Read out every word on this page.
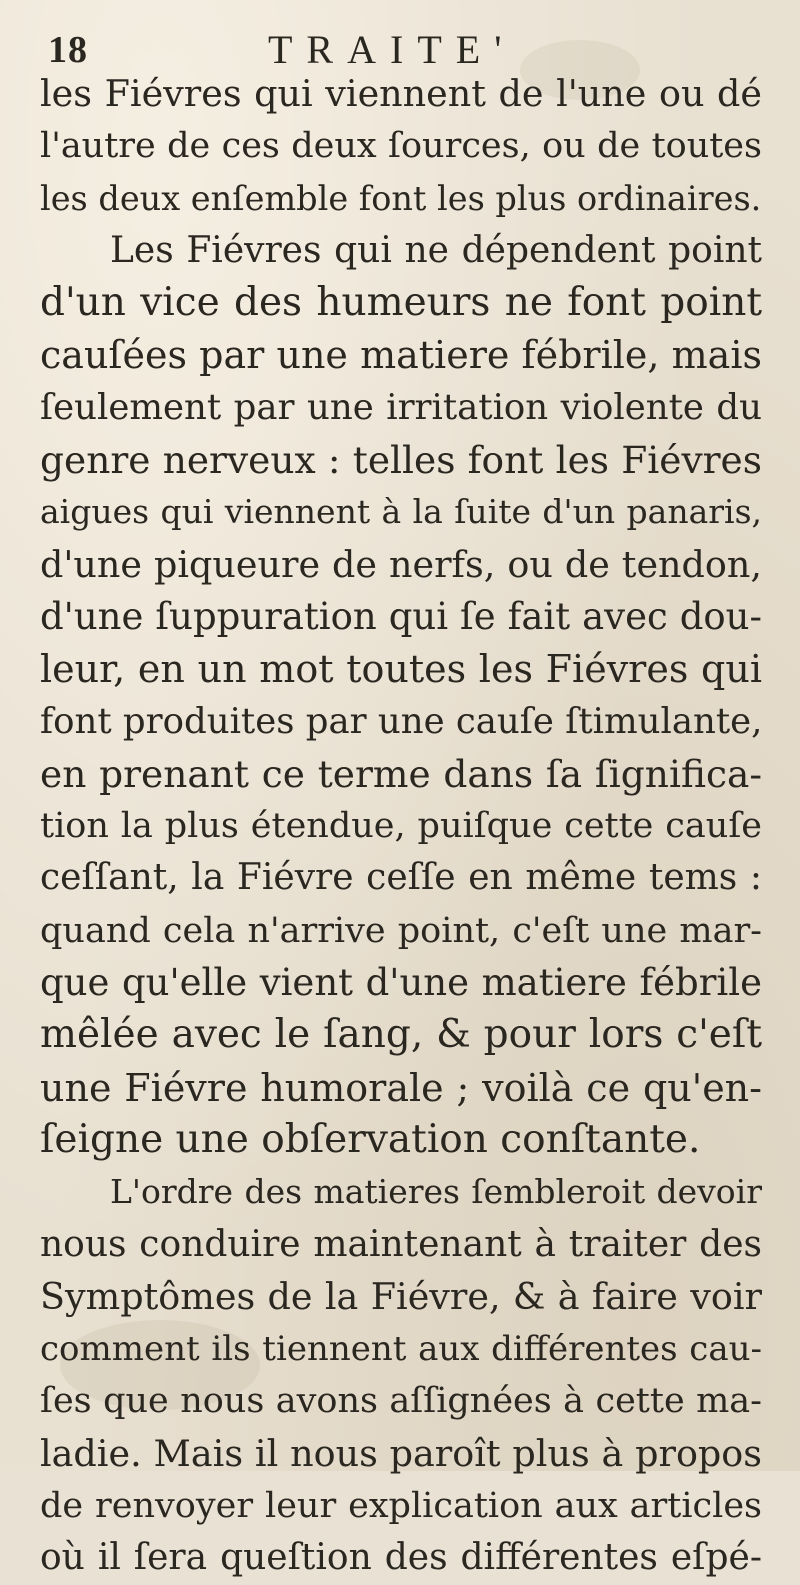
18	TRAITE'
les Fiévres qui viennent de l'une ou dé
l'autre de ces deux ſources, ou de toutes
les deux enſemble font les plus ordinaires.
Les Fiévres qui ne dépendent point
d'un vice des humeurs ne font point
cauſées par une matiere fébrile, mais
ſeulement par une irritation violente du
genre nerveux : telles font les Fiévres
aigues qui viennent à la ſuite d'un panaris,
d'une piqueure de nerfs, ou de tendon,
d'une ſuppuration qui ſe fait avec dou-
leur, en un mot toutes les Fiévres qui
font produites par une cauſe ſtimulante,
en prenant ce terme dans ſa ſignifica-
tion la plus étendue, puiſque cette cauſe
ceſſant, la Fiévre ceſſe en même tems :
quand cela n'arrive point, c'eſt une mar-
que qu'elle vient d'une matiere fébrile
mêlée avec le ſang, & pour lors c'eſt
une Fiévre humorale ; voilà ce qu'en-
ſeigne une obſervation conſtante.
L'ordre des matieres ſembleroit devoir
nous conduire maintenant à traiter des
Symptômes de la Fiévre, & à faire voir
comment ils tiennent aux différentes cau-
ſes que nous avons aſſignées à cette ma-
ladie. Mais il nous paroît plus à propos
de renvoyer leur explication aux articles
où il ſera queſtion des différentes eſpé-
